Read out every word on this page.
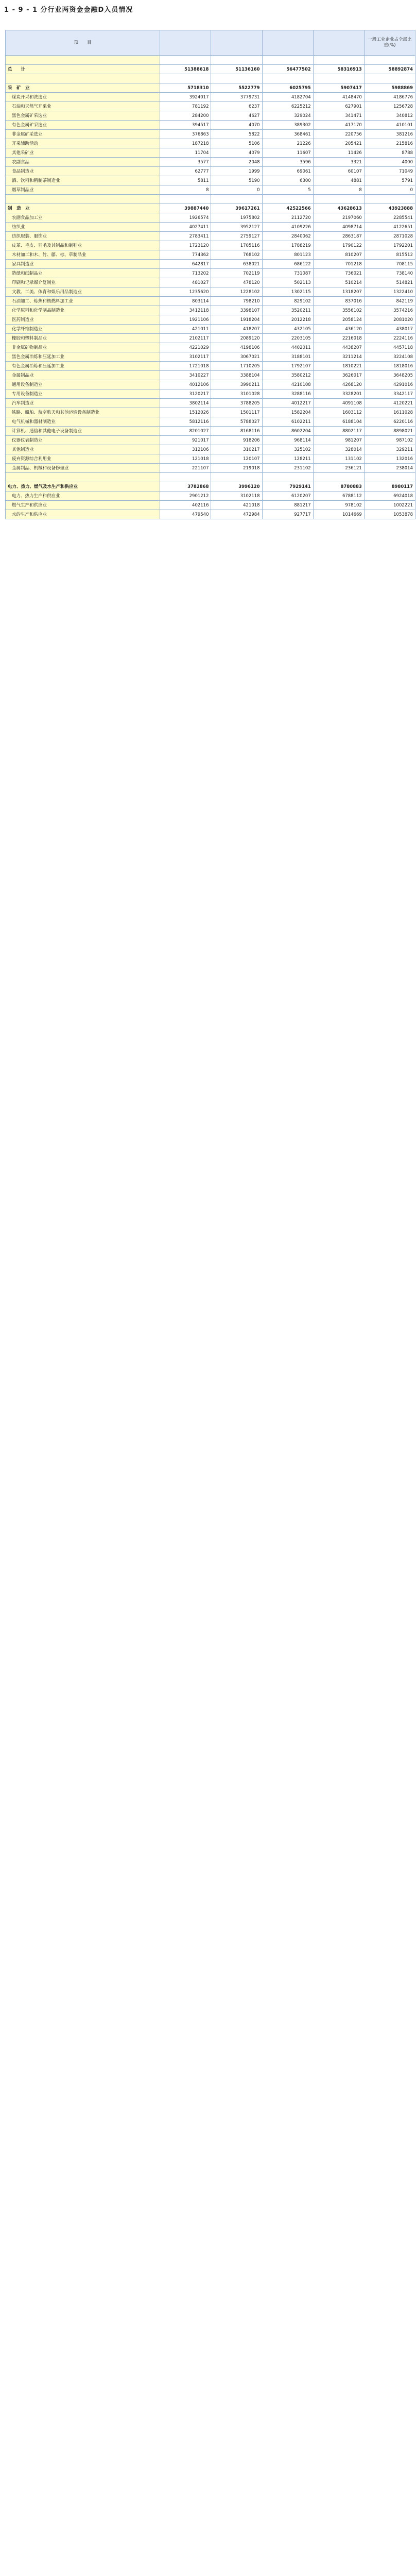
1 - 9 - 1 分行业两资金金融D入员情况
项　　目					一般工业企业占全部比重(%)

总　　计	51388618	51136160	56477502	58316913	58892874

采　矿　业	5718310	5522779	6025795	5907417	5988869
煤炭开采和洗选业	3924017	3779731	4182704	4148470	4186776
石油和天然气开采业	781192	6237	6225212	627901	1256728
黑色金属矿采选业	284200	4627	329024	341471	340812
有色金属矿采选业	394517	4070	389302	417170	410101
非金属矿采选业	376863	5822	368461	220756	381216
开采辅助活动	187218	5106	21226	205421	215816
其他采矿业	11704	4079	11607	11426	8788
农副食品	3577	2048	3596	3321	4000
食品制造业	62777	1999	69061	60107	71049
酒、饮料和精制茶制造业	5811	5190	6300	4881	5791
烟草制品业	8	0	5	8	0

制　造　业	39887440	39617261	42522566	43628613	43923888
农副食品加工业	1926574	1975802	2112720	2197060	2285541
纺织业	4027411	3952127	4109226	4098714	4122651
纺织服装、服饰业	2783411	2759127	2840062	2863187	2871028
皮革、毛皮、羽毛及其制品和制鞋业	1723120	1705116	1788219	1790122	1792201
木材加工和木、竹、藤、棕、草制品业	774362	768102	801123	810207	815512
家具制造业	642817	638021	686122	701218	708115
造纸和纸制品业	713202	702119	731087	736021	738140
印刷和记录媒介复制业	481027	478120	502113	510214	514821
文教、工美、体育和娱乐用品制造业	1235620	1228102	1302115	1318207	1322410
石油加工、炼焦和核燃料加工业	803114	798210	829102	837016	842119
化学原料和化学制品制造业	3412118	3398107	3520211	3556102	3574216
医药制造业	1921106	1918204	2012218	2058124	2081020
化学纤维制造业	421011	418207	432105	436120	438017
橡胶和塑料制品业	2102117	2089120	2203105	2216018	2224116
非金属矿物制品业	4221029	4198106	4402011	4438207	4457118
黑色金属冶炼和压延加工业	3102117	3067021	3188101	3211214	3224108
有色金属冶炼和压延加工业	1721018	1710205	1792107	1810221	1818016
金属制品业	3410227	3388104	3580212	3626017	3648205
通用设备制造业	4012106	3990211	4210108	4268120	4291016
专用设备制造业	3120217	3101028	3288116	3328201	3342117
汽车制造业	3802114	3788205	4012217	4091108	4120221
铁路、船舶、航空航天和其他运输设备制造业	1512026	1501117	1582204	1603112	1611028
电气机械和器材制造业	5812116	5788027	6102211	6188104	6220116
计算机、通信和其他电子设备制造业	8201027	8168116	8602204	8802117	8898021
仪器仪表制造业	921017	918206	968114	981207	987102
其他制造业	312106	310217	325102	328014	329211
废弃资源综合利用业	121018	120107	128211	131102	132016
金属制品、机械和设备修理业	221107	219018	231102	236121	238014

电力、热力、燃气及水生产和供应业	3782868	3996120	7929141	8780883	8980117
电力、热力生产和供应业	2901212	3102118	6120207	6788112	6924018
燃气生产和供应业	402116	421018	881217	978102	1002221
水的生产和供应业	479540	472984	927717	1014669	1053878
